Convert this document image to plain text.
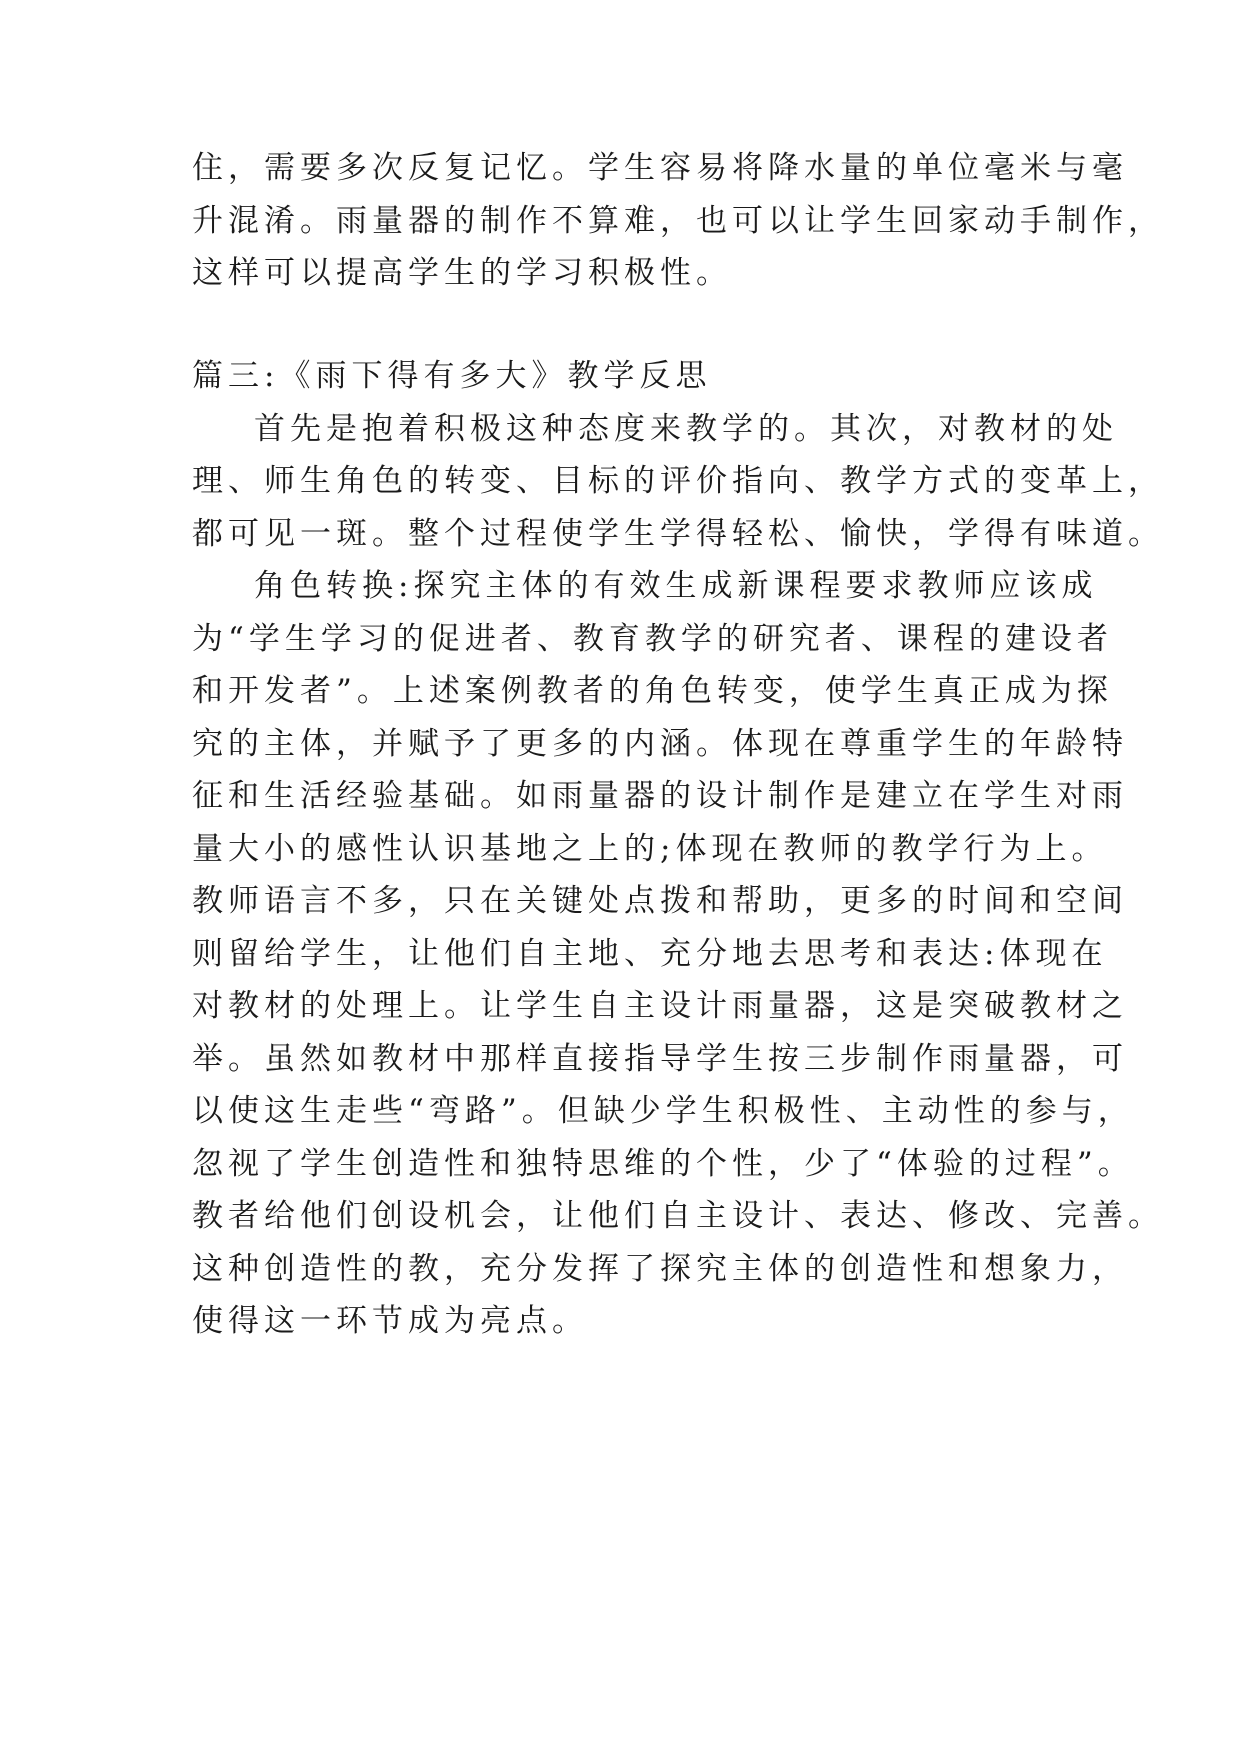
住，需要多次反复记忆。学生容易将降水量的单位毫米与毫
升混淆。雨量器的制作不算难，也可以让学生回家动手制作，
这样可以提高学生的学习积极性。
篇三:《雨下得有多大》教学反思
首先是抱着积极这种态度来教学的。其次，对教材的处
理、师生角色的转变、目标的评价指向、教学方式的变革上，
都可见一斑。整个过程使学生学得轻松、愉快，学得有味道。
角色转换:探究主体的有效生成新课程要求教师应该成
为“学生学习的促进者、教育教学的研究者、课程的建设者
和开发者”。上述案例教者的角色转变，使学生真正成为探
究的主体，并赋予了更多的内涵。体现在尊重学生的年龄特
征和生活经验基础。如雨量器的设计制作是建立在学生对雨
量大小的感性认识基地之上的;体现在教师的教学行为上。
教师语言不多，只在关键处点拨和帮助，更多的时间和空间
则留给学生，让他们自主地、充分地去思考和表达:体现在
对教材的处理上。让学生自主设计雨量器，这是突破教材之
举。虽然如教材中那样直接指导学生按三步制作雨量器，可
以使这生走些“弯路”。但缺少学生积极性、主动性的参与，
忽视了学生创造性和独特思维的个性，少了“体验的过程”。
教者给他们创设机会，让他们自主设计、表达、修改、完善。
这种创造性的教，充分发挥了探究主体的创造性和想象力，
使得这一环节成为亮点。
